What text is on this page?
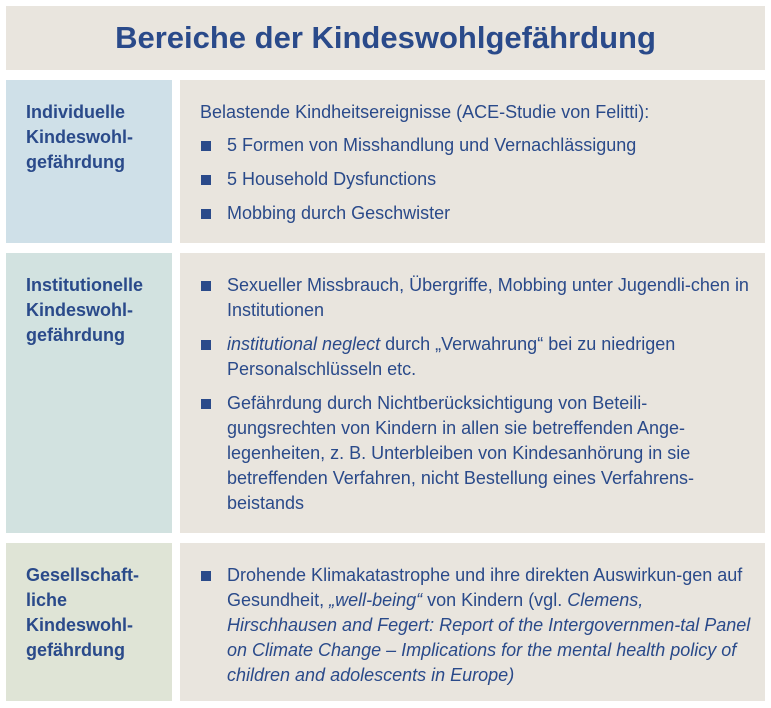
Bereiche der Kindeswohlgefährdung
Individuelle
Kindeswohl-
gefährdung

Belastende Kindheitsereignisse (ACE-Studie von Felitti):

5 Formen von Misshandlung und Vernachlässigung
5 Household Dysfunctions
Mobbing durch Geschwister
Institutionelle
Kindeswohl-
gefährdung
Sexueller Missbrauch, Übergriffe, Mobbing unter Jugendli-chen in Institutionen
institutional neglect durch „Verwahrung“ bei zu niedrigen Personalschlüsseln etc.
Gefährdung durch Nichtberücksichtigung von Beteili-gungsrechten von Kindern in allen sie betreffenden Ange-legenheiten, z. B. Unterbleiben von Kindesanhörung in sie betreffenden Verfahren, nicht Bestellung eines Verfahrens-beistands
Gesellschaft-
liche
Kindeswohl-
gefährdung
Drohende Klimakatastrophe und ihre direkten Auswirkun-gen auf Gesundheit, „well-being“ von Kindern (vgl. Clemens, Hirschhausen and Fegert: Report of the Intergovernmen-tal Panel on Climate Change – Implications for the mental health policy of children and adolescents in Europe)
